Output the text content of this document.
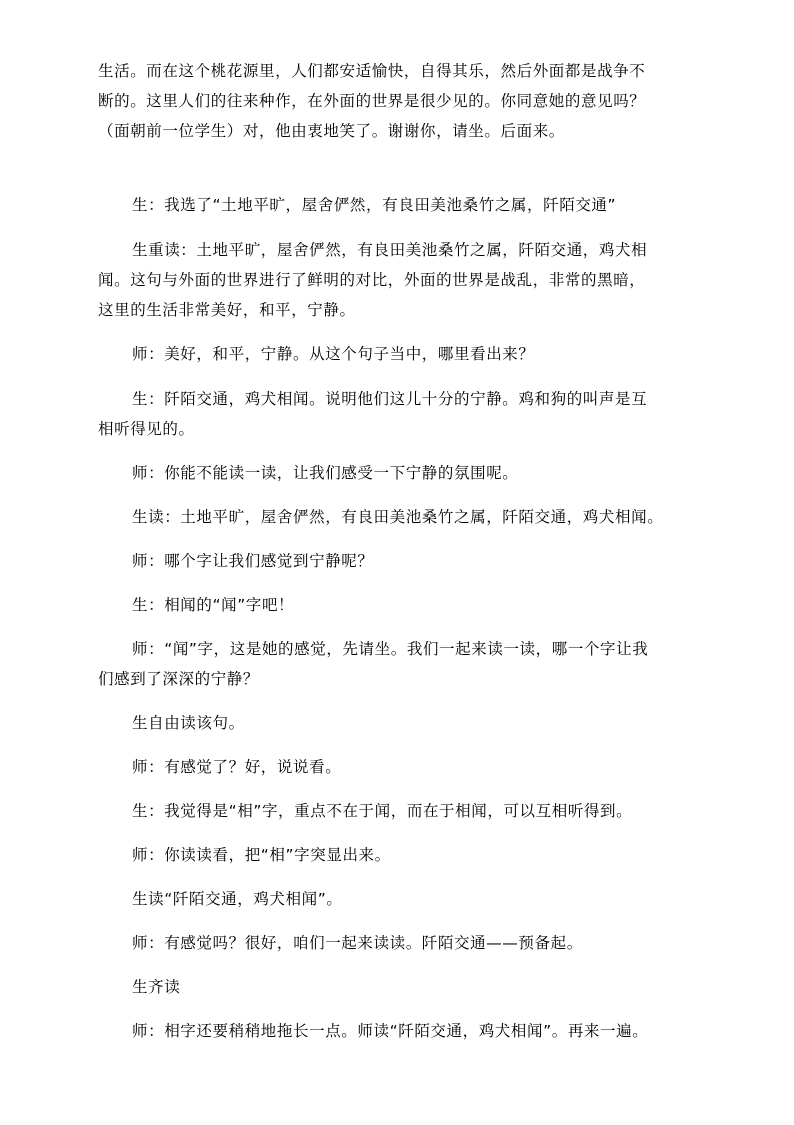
生活。而在这个桃花源里，人们都安适愉快，自得其乐，然后外面都是战争不
断的。这里人们的往来种作，在外面的世界是很少见的。你同意她的意见吗？
（面朝前一位学生）对，他由衷地笑了。谢谢你，请坐。后面来。

生：我选了“土地平旷，屋舍俨然，有良田美池桑竹之属，阡陌交通”

生重读：土地平旷，屋舍俨然，有良田美池桑竹之属，阡陌交通，鸡犬相
闻。这句与外面的世界进行了鲜明的对比，外面的世界是战乱，非常的黑暗，
这里的生活非常美好，和平，宁静。

师：美好，和平，宁静。从这个句子当中，哪里看出来？

生：阡陌交通，鸡犬相闻。说明他们这儿十分的宁静。鸡和狗的叫声是互
相听得见的。

师：你能不能读一读，让我们感受一下宁静的氛围呢。

生读：土地平旷，屋舍俨然，有良田美池桑竹之属，阡陌交通，鸡犬相闻。

师：哪个字让我们感觉到宁静呢？

生：相闻的“闻”字吧！

师：“闻”字，这是她的感觉，先请坐。我们一起来读一读，哪一个字让我
们感到了深深的宁静？

生自由读该句。

师：有感觉了？好，说说看。

生：我觉得是“相”字，重点不在于闻，而在于相闻，可以互相听得到。

师：你读读看，把“相”字突显出来。

生读“阡陌交通，鸡犬相闻”。

师：有感觉吗？很好，咱们一起来读读。阡陌交通——预备起。

生齐读

师：相字还要稍稍地拖长一点。师读“阡陌交通，鸡犬相闻”。再来一遍。
